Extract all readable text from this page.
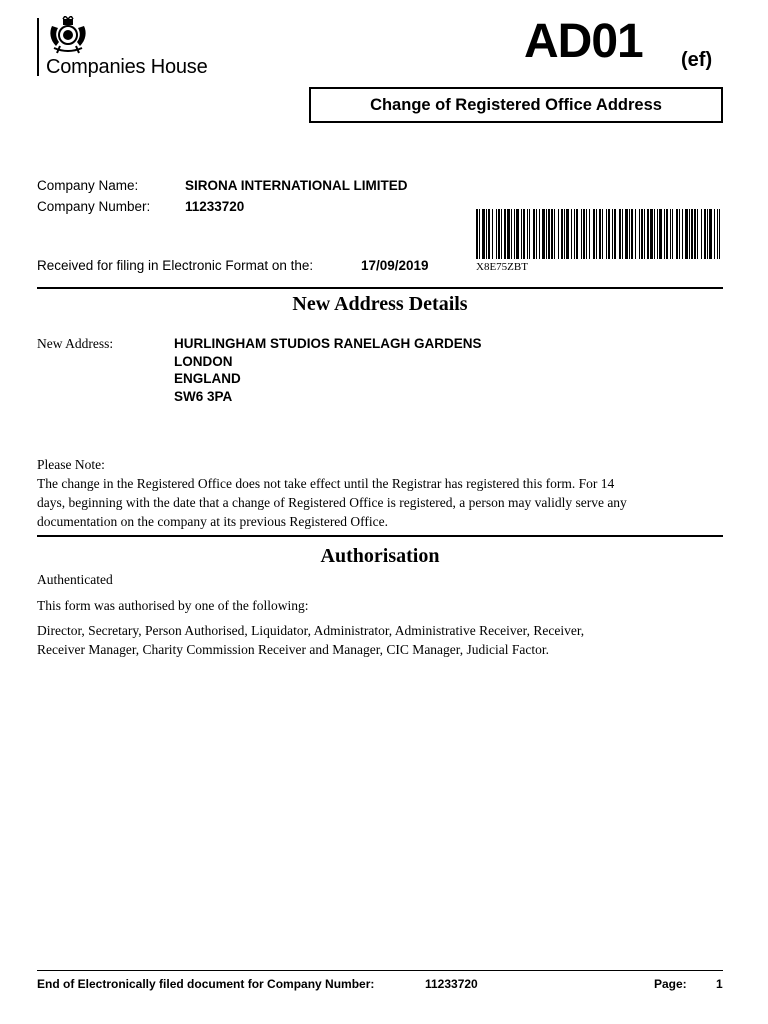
Companies House	AD01 (ef)
Change of Registered Office Address
Company Name:	SIRONA INTERNATIONAL LIMITED
Company Number:	11233720
X8E75ZBT
Received for filing in Electronic Format on the:	17/09/2019
New Address Details
New Address:	HURLINGHAM STUDIOS RANELAGH GARDENS
LONDON
ENGLAND
SW6 3PA
Please Note:
The change in the Registered Office does not take effect until the Registrar has registered this form. For 14
days, beginning with the date that a change of Registered Office is registered, a person may validly serve any
documentation on the company at its previous Registered Office.
Authorisation
Authenticated
This form was authorised by one of the following:
Director, Secretary, Person Authorised, Liquidator, Administrator, Administrative Receiver, Receiver,
Receiver Manager, Charity Commission Receiver and Manager, CIC Manager, Judicial Factor.
End of Electronically filed document for Company Number:	11233720	Page: 1
